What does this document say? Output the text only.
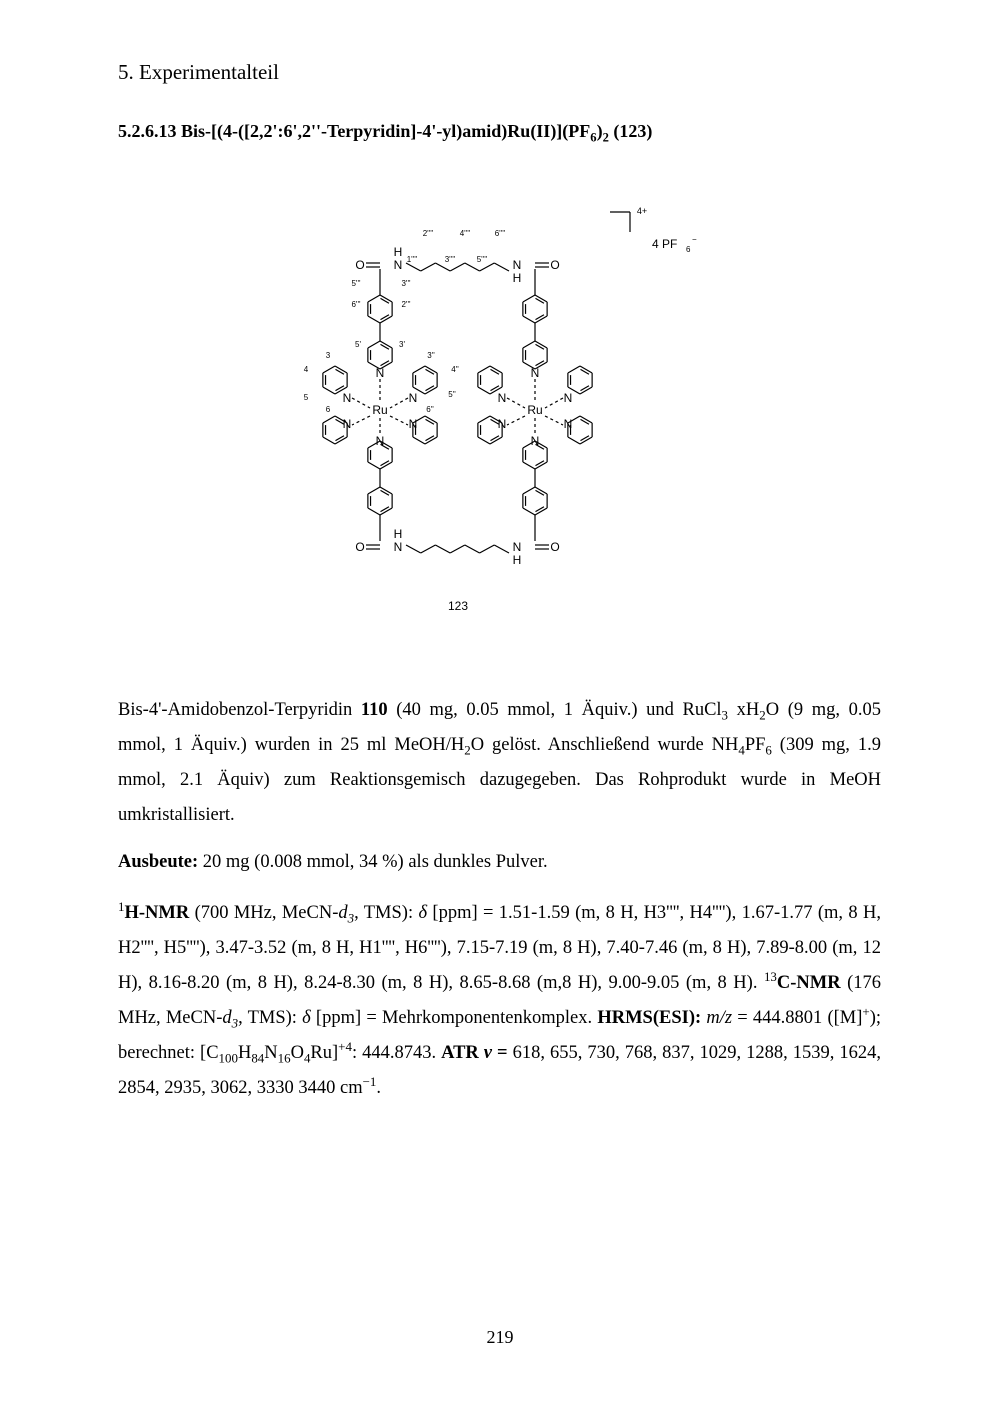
5. Experimentalteil
5.2.6.13 Bis-$[(4-([2,2':6',2''-Terpyridin]-4'-yl)amid)Ru(II)](PF_6)_2$ (123)
N
N	N
Ru
N
N	N
N
N	N
Ru
N
N	N
O N
H
N
H
O
O N
H
N
H
O
2''''	4''''	6''''
1''''	3''''	5''''
5'''
6'''
3'''
2'''
5'	3'
3
4
5
6
3''
4''
5''
6''
4+
4 PF 6
−
123
Bis-4'-Amidobenzol-Terpyridin 110 (40 mg, 0.05 mmol, 1 Äquiv.) und RuCl$_3$ $xH_2O$ (9 mg, 0.05 mmol, 1 Äquiv.) wurden in 25 ml MeOH/$H_2O$ gelöst. Anschließend wurde $NH_4PF_6$ (309 mg, 1.9 mmol, 2.1 Äquiv) zum Reaktionsgemisch dazugegeben. Das Rohprodukt wurde in MeOH umkristallisiert.
Ausbeute: 20 mg (0.008 mmol, 34 %) als dunkles Pulver.
$^1$H-NMR (700 MHz, MeCN-$d_3$, TMS): δ [ppm] = 1.51-1.59 (m, 8 H, H3'''', H4''''), 1.67-1.77 (m, 8 H, H2'''', H5''''), 3.47-3.52 (m, 8 H, H1'''', H6''''), 7.15-7.19 (m, 8 H), 7.40-7.46 (m, 8 H), 7.89-8.00 (m, 12 H), 8.16-8.20 (m, 8 H), 8.24-8.30 (m, 8 H), 8.65-8.68 (m,8 H), 9.00-9.05 (m, 8 H). $^{13}$C-NMR (176 MHz, MeCN-$d_3$, TMS): δ [ppm] = Mehrkomponentenkomplex. HRMS(ESI): m/z = 444.8801 ([M]+); berechnet: $[C_{100}H_{84}N_{16}O_4Ru]^{+4}$: 444.8743. ATR ν = 618, 655, 730, 768, 837, 1029, 1288, 1539, 1624, 2854, 2935, 3062, 3330 3440 $cm^{-1}$.
219
